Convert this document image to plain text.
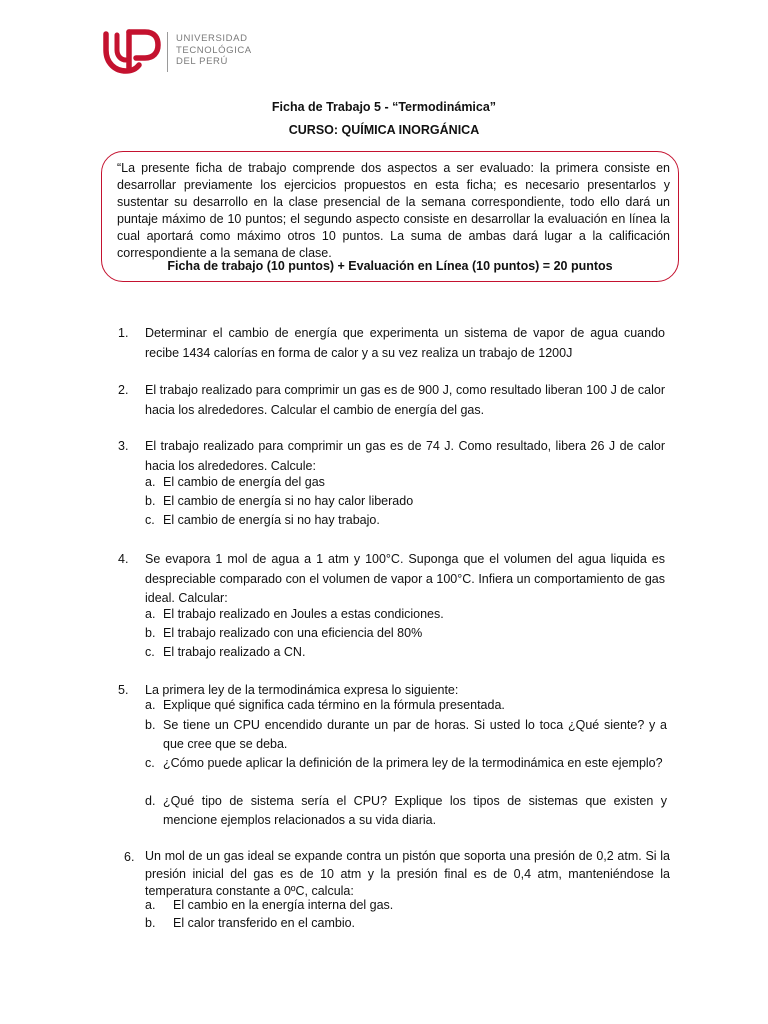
UNIVERSIDAD
TECNOLÓGICA
DEL PERÚ
Ficha de Trabajo 5 - “Termodinámica”
CURSO: QUÍMICA INORGÁNICA
“La presente ficha de trabajo comprende dos aspectos a ser evaluado: la primera consiste en desarrollar previamente los ejercicios propuestos en esta ficha; es necesario presentarlos y sustentar su desarrollo en la clase presencial de la semana correspondiente, todo ello dará un puntaje máximo de 10 puntos; el segundo aspecto consiste en desarrollar la evaluación en línea la cual aportará como máximo otros 10 puntos. La suma de ambas dará lugar a la calificación correspondiente a la semana de clase.
Ficha de trabajo (10 puntos) + Evaluación en Línea (10 puntos) = 20 puntos
1. Determinar el cambio de energía que experimenta un sistema de vapor de agua cuando recibe 1434 calorías en forma de calor y a su vez realiza un trabajo de 1200J
2. El trabajo realizado para comprimir un gas es de 900 J, como resultado liberan 100 J de calor hacia los alrededores. Calcular el cambio de energía del gas.
3. El trabajo realizado para comprimir un gas es de 74 J. Como resultado, libera 26 J de calor hacia los alrededores. Calcule:
a. El cambio de energía del gas
b. El cambio de energía si no hay calor liberado
c. El cambio de energía si no hay trabajo.
4. Se evapora 1 mol de agua a 1 atm y 100°C. Suponga que el volumen del agua liquida es despreciable comparado con el volumen de vapor a 100°C. Infiera un comportamiento de gas ideal. Calcular:
a. El trabajo realizado en Joules a estas condiciones.
b. El trabajo realizado con una eficiencia del 80%
c. El trabajo realizado a CN.
5. La primera ley de la termodinámica expresa lo siguiente:
a. Explique qué significa cada término en la fórmula presentada.
b. Se tiene un CPU encendido durante un par de horas. Si usted lo toca ¿Qué siente? y a que cree que se deba.
c. ¿Cómo puede aplicar la definición de la primera ley de la termodinámica en este ejemplo?
d. ¿Qué tipo de sistema sería el CPU? Explique los tipos de sistemas que existen y mencione ejemplos relacionados a su vida diaria.
6. Un mol de un gas ideal se expande contra un pistón que soporta una presión de 0,2 atm. Si la presión inicial del gas es de 10 atm y la presión final es de 0,4 atm, manteniéndose la temperatura constante a 0ºC, calcula:
a. El cambio en la energía interna del gas.
b. El calor transferido en el cambio.
